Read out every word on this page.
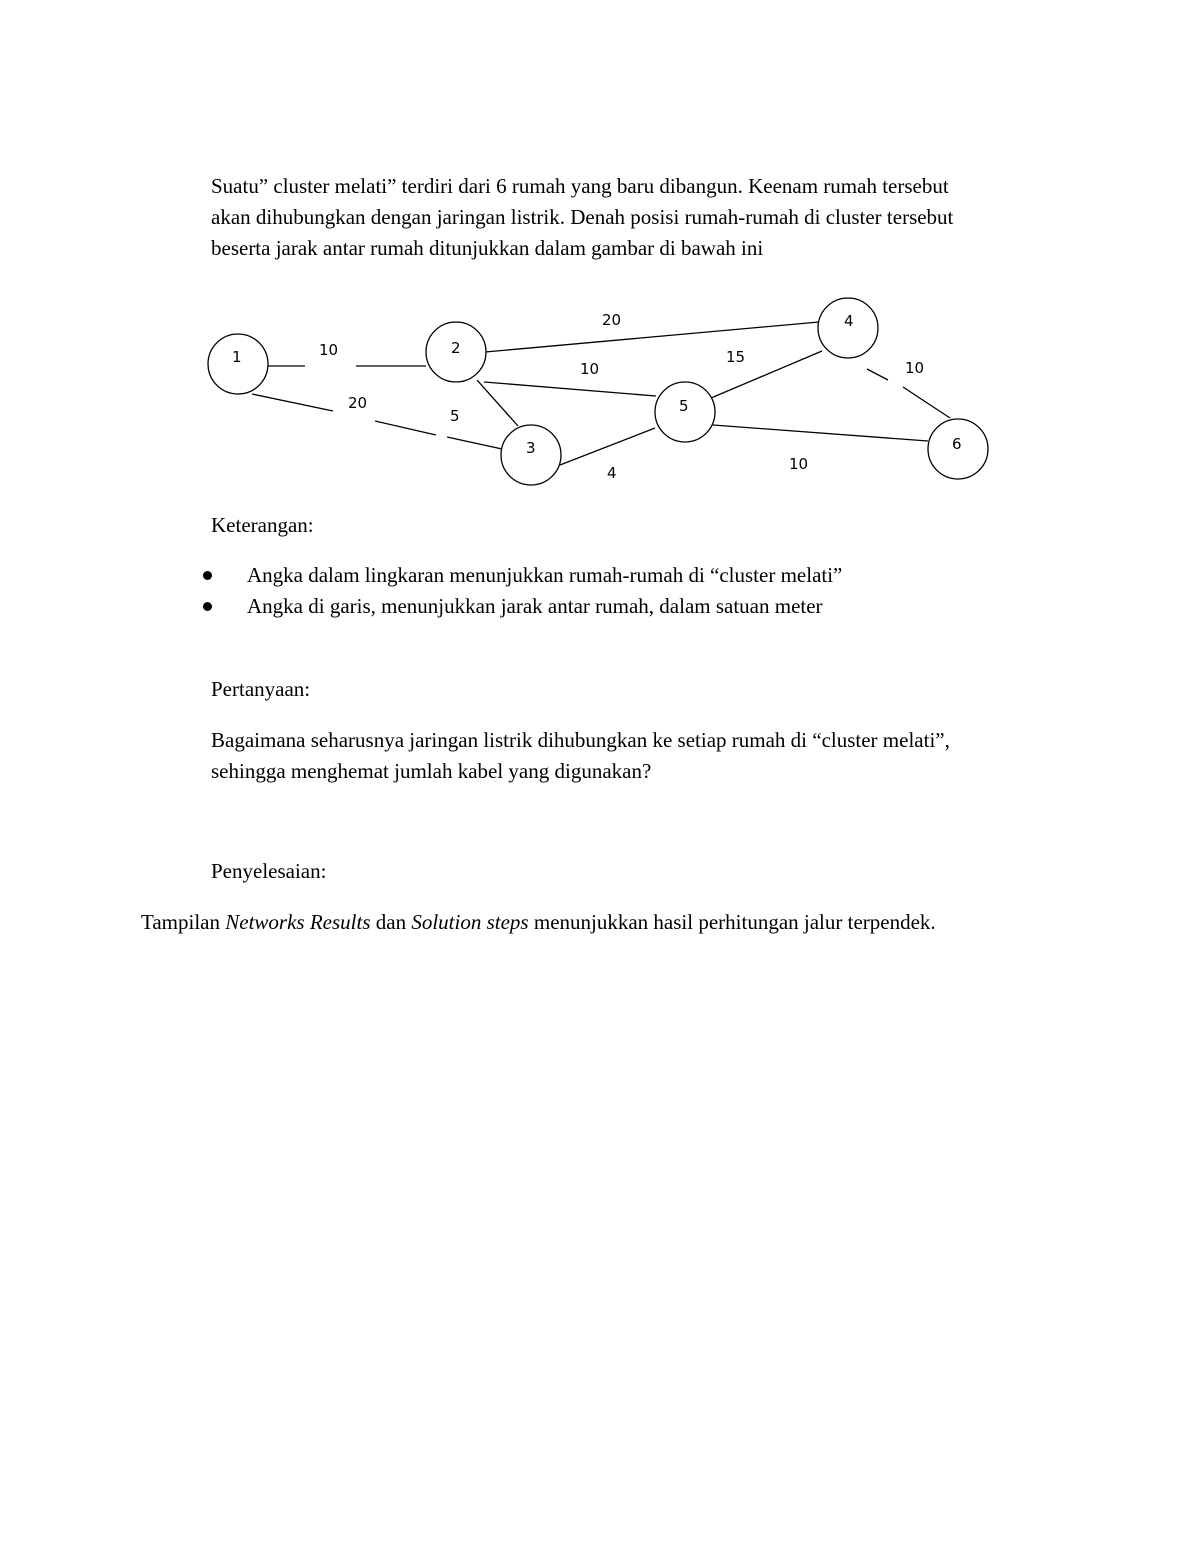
Suatu” cluster melati” terdiri dari 6 rumah yang baru dibangun. Keenam rumah tersebut
akan dihubungkan dengan jaringan listrik. Denah posisi rumah-rumah di cluster tersebut
beserta jarak antar rumah ditunjukkan dalam gambar di bawah ini

10
20
20
10
5
4
15
10
10
1	2
3
4
5
6

Keterangan:

Angka dalam lingkaran menunjukkan rumah-rumah di “cluster melati”
Angka di garis, menunjukkan jarak antar rumah, dalam satuan meter

Pertanyaan:

Bagaimana seharusnya jaringan listrik dihubungkan ke setiap rumah di “cluster melati”,
sehingga menghemat jumlah kabel yang digunakan?

Penyelesaian:

Tampilan Networks Results dan Solution steps menunjukkan hasil perhitungan jalur terpendek.
